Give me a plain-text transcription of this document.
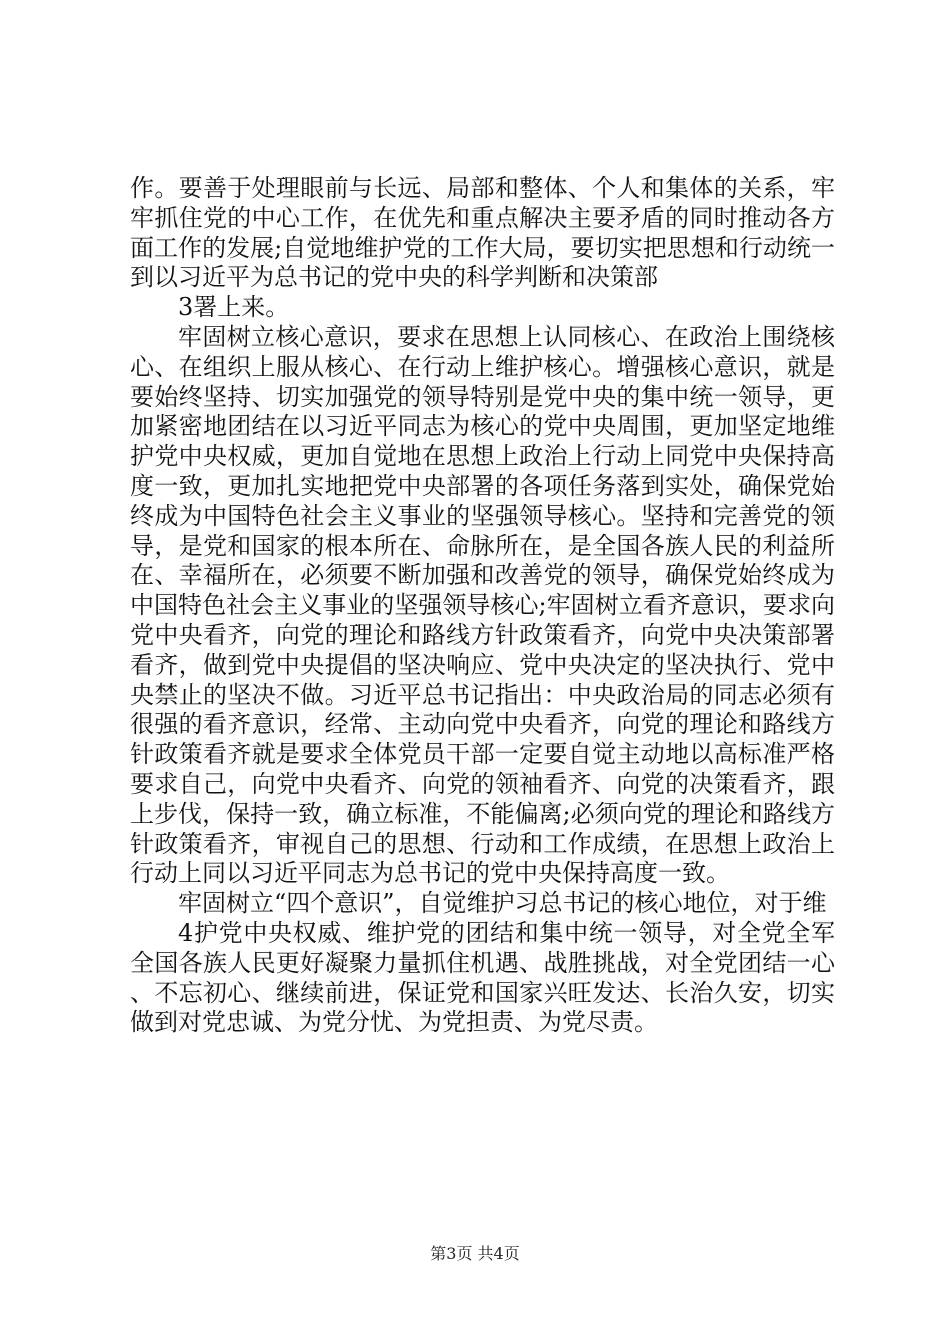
作。要善于处理眼前与长远、局部和整体、个人和集体的关系，牢牢抓住党的中心工作，在优先和重点解决主要矛盾的同时推动各方面工作的发展;自觉地维护党的工作大局，要切实把思想和行动统一到以习近平为总书记的党中央的科学判断和决策部

3署上来。

牢固树立核心意识，要求在思想上认同核心、在政治上围绕核心、在组织上服从核心、在行动上维护核心。增强核心意识，就是要始终坚持、切实加强党的领导特别是党中央的集中统一领导，更加紧密地团结在以习近平同志为核心的党中央周围，更加坚定地维护党中央权威，更加自觉地在思想上政治上行动上同党中央保持高度一致，更加扎实地把党中央部署的各项任务落到实处，确保党始终成为中国特色社会主义事业的坚强领导核心。坚持和完善党的领导，是党和国家的根本所在、命脉所在，是全国各族人民的利益所在、幸福所在，必须要不断加强和改善党的领导，确保党始终成为中国特色社会主义事业的坚强领导核心;牢固树立看齐意识，要求向党中央看齐，向党的理论和路线方针政策看齐，向党中央决策部署看齐，做到党中央提倡的坚决响应、党中央决定的坚决执行、党中央禁止的坚决不做。习近平总书记指出：中央政治局的同志必须有很强的看齐意识，经常、主动向党中央看齐，向党的理论和路线方针政策看齐就是要求全体党员干部一定要自觉主动地以高标准严格要求自己，向党中央看齐、向党的领袖看齐、向党的决策看齐，跟上步伐，保持一致，确立标准，不能偏离;必须向党的理论和路线方针政策看齐，审视自己的思想、行动和工作成绩，在思想上政治上行动上同以习近平同志为总书记的党中央保持高度一致。

牢固树立“四个意识”，自觉维护习总书记的核心地位，对于维

4护党中央权威、维护党的团结和集中统一领导，对全党全军全国各族人民更好凝聚力量抓住机遇、战胜挑战，对全党团结一心、不忘初心、继续前进，保证党和国家兴旺发达、长治久安，切实做到对党忠诚、为党分忧、为党担责、为党尽责。

第3页 共4页
